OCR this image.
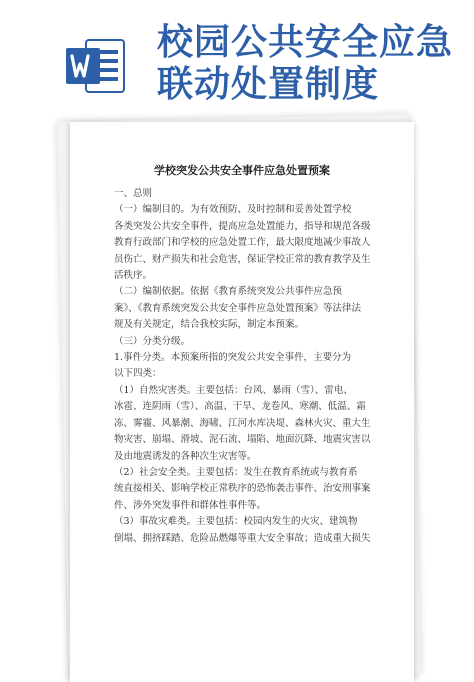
校园公共安全应急
联动处置制度
学校突发公共安全事件应急处置预案
一、总则
（一）编制目的。为有效预防、及时控制和妥善处置学校
各类突发公共安全事件，提高应急处置能力，指导和规范各级
教育行政部门和学校的应急处置工作，最大限度地减少事故人
员伤亡、财产损失和社会危害，保证学校正常的教育教学及生
活秩序。
（二）编制依据。依据《教育系统突发公共事件应急预
案》、《教育系统突发公共安全事件应急处置预案》等法律法
规及有关规定，结合我校实际，制定本预案。
（三）分类分级。
1.事件分类。本预案所指的突发公共安全事件，主要分为
以下四类：
（1）自然灾害类。主要包括：台风、暴雨（雪）、雷电、
冰雹、连阴雨（雪）、高温、干旱、龙卷风、寒潮、低温、霜
冻、雾霾、风暴潮、海啸、江河水库决堤、森林火灾、重大生
物灾害、崩塌、滑坡、泥石流、塌陷、地面沉降、地震灾害以
及由地震诱发的各种次生灾害等。
（2）社会安全类。主要包括：发生在教育系统或与教育系
统直接相关、影响学校正常秩序的恐怖袭击事件、治安刑事案
件、涉外突发事件和群体性事件等。
（3）事故灾难类。主要包括：校园内发生的火灾、建筑物
倒塌、拥挤踩踏、危险品燃爆等重大安全事故；造成重大损失
